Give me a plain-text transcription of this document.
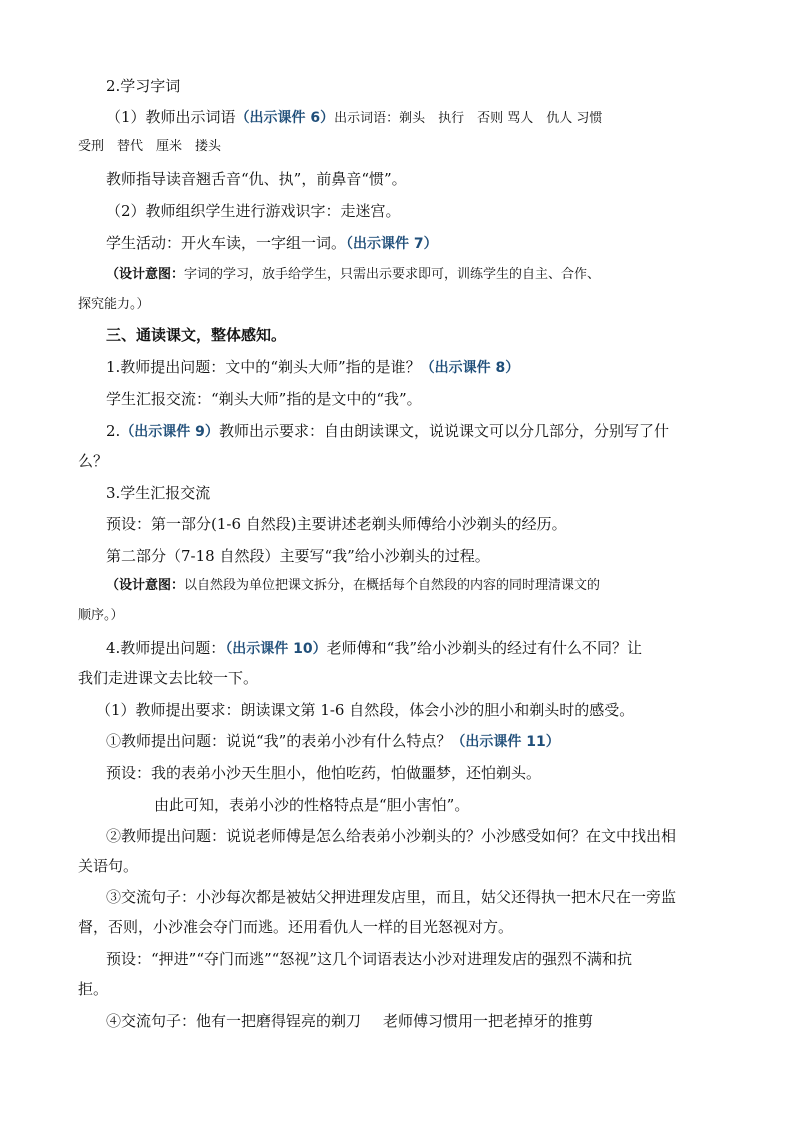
2.学习字词
（1）教师出示词语（出示课件 6）出示词语：剃头　执行　否则 骂人　仇人 习惯
受刑　替代　厘米　搂头
教师指导读音翘舌音“仇、执”，前鼻音“惯”。
（2）教师组织学生进行游戏识字：走迷宫。
学生活动：开火车读，一字组一词。（出示课件 7）
（设计意图：字词的学习，放手给学生，只需出示要求即可，训练学生的自主、合作、
探究能力。）
三、通读课文，整体感知。
1.教师提出问题：文中的“剃头大师”指的是谁？（出示课件 8）
学生汇报交流：“剃头大师”指的是文中的“我”。
2.（出示课件 9）教师出示要求：自由朗读课文，说说课文可以分几部分，分别写了什
么？
3.学生汇报交流
预设：第一部分(1-6 自然段)主要讲述老剃头师傅给小沙剃头的经历。
第二部分（7-18 自然段）主要写“我”给小沙剃头的过程。
（设计意图：以自然段为单位把课文拆分，在概括每个自然段的内容的同时理清课文的
顺序。）
4.教师提出问题：（出示课件 10）老师傅和“我”给小沙剃头的经过有什么不同？让
我们走进课文去比较一下。
（1）教师提出要求：朗读课文第 1-6 自然段，体会小沙的胆小和剃头时的感受。
①教师提出问题：说说“我”的表弟小沙有什么特点？（出示课件 11）
预设：我的表弟小沙天生胆小，他怕吃药，怕做噩梦，还怕剃头。
由此可知，表弟小沙的性格特点是“胆小害怕”。
②教师提出问题：说说老师傅是怎么给表弟小沙剃头的？小沙感受如何？在文中找出相
关语句。
③交流句子：小沙每次都是被姑父押进理发店里，而且，姑父还得执一把木尺在一旁监
督，否则，小沙准会夺门而逃。还用看仇人一样的目光怒视对方。
预设：“押进”“夺门而逃”“怒视”这几个词语表达小沙对进理发店的强烈不满和抗
拒。
④交流句子：他有一把磨得锃亮的剃刀 老师傅习惯用一把老掉牙的推剪
